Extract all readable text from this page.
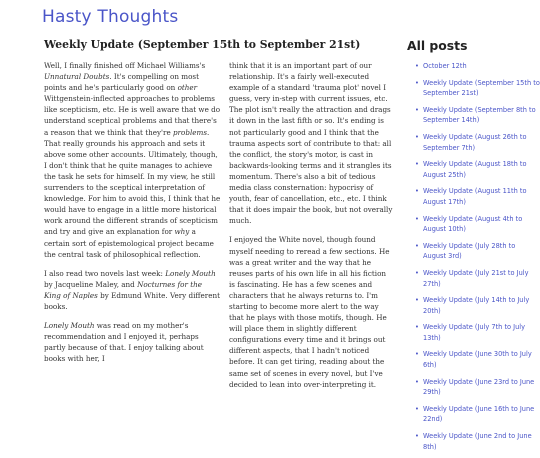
Hasty Thoughts
Weekly Update (September 15th to September 21st)

Well, I finally finished off Michael Williams's Unnatural Doubts. It's compelling on most points and he's particularly good on other Wittgenstein-inflected approaches to problems like scepticism, etc. He is well aware that we do understand sceptical problems and that there's a reason that we think that they're problems. That really grounds his approach and sets it above some other accounts. Ultimately, though, I don't think that he quite manages to achieve the task he sets for himself. In my view, he still surrenders to the sceptical interpretation of knowledge. For him to avoid this, I think that he would have to engage in a little more historical work around the different strands of scepticism and try and give an explanation for why a certain sort of epistemological project became the central task of philosophical reflection.

I also read two novels last week: Lonely Mouth by Jacqueline Maley, and Nocturnes for the King of Naples by Edmund White. Very different books.

Lonely Mouth was read on my mother's recommendation and I enjoyed it, perhaps partly because of that. I enjoy talking about books with her, I

think that it is an important part of our relationship. It's a fairly well-executed example of a standard 'trauma plot' novel I guess, very in-step with current issues, etc. The plot isn't really the attraction and drags it down in the last fifth or so. It's ending is not particularly good and I think that the trauma aspects sort of contribute to that: all the conflict, the story's motor, is cast in backwards-looking terms and it strangles its momentum. There's also a bit of tedious media class consternation: hypocrisy of youth, fear of cancellation, etc., etc. I think that it does impair the book, but not overally much.

I enjoyed the White novel, though found myself needing to reread a few sections. He was a great writer and the way that he reuses parts of his own life in all his fiction is fascinating. He has a few scenes and characters that he always returns to. I'm starting to become more alert to the way that he plays with those motifs, though. He will place them in slightly different configurations every time and it brings out different aspects, that I hadn't noticed before. It can get tiring, reading about the same set of scenes in every novel, but I've decided to lean into over-interpreting it.

All posts
• October 12th
• Weekly Update (September 15th to September 21st)
• Weekly Update (September 8th to September 14th)
• Weekly Update (August 26th to September 7th)
• Weekly Update (August 18th to August 25th)
• Weekly Update (August 11th to August 17th)
• Weekly Update (August 4th to August 10th)
• Weekly Update (July 28th to August 3rd)
• Weekly Update (July 21st to July 27th)
• Weekly Update (July 14th to July 20th)
• Weekly Update (July 7th to July 13th)
• Weekly Update (June 30th to July 6th)
• Weekly Update (June 23rd to June 29th)
• Weekly Update (June 16th to June 22nd)
• Weekly Update (June 2nd to June 8th)
